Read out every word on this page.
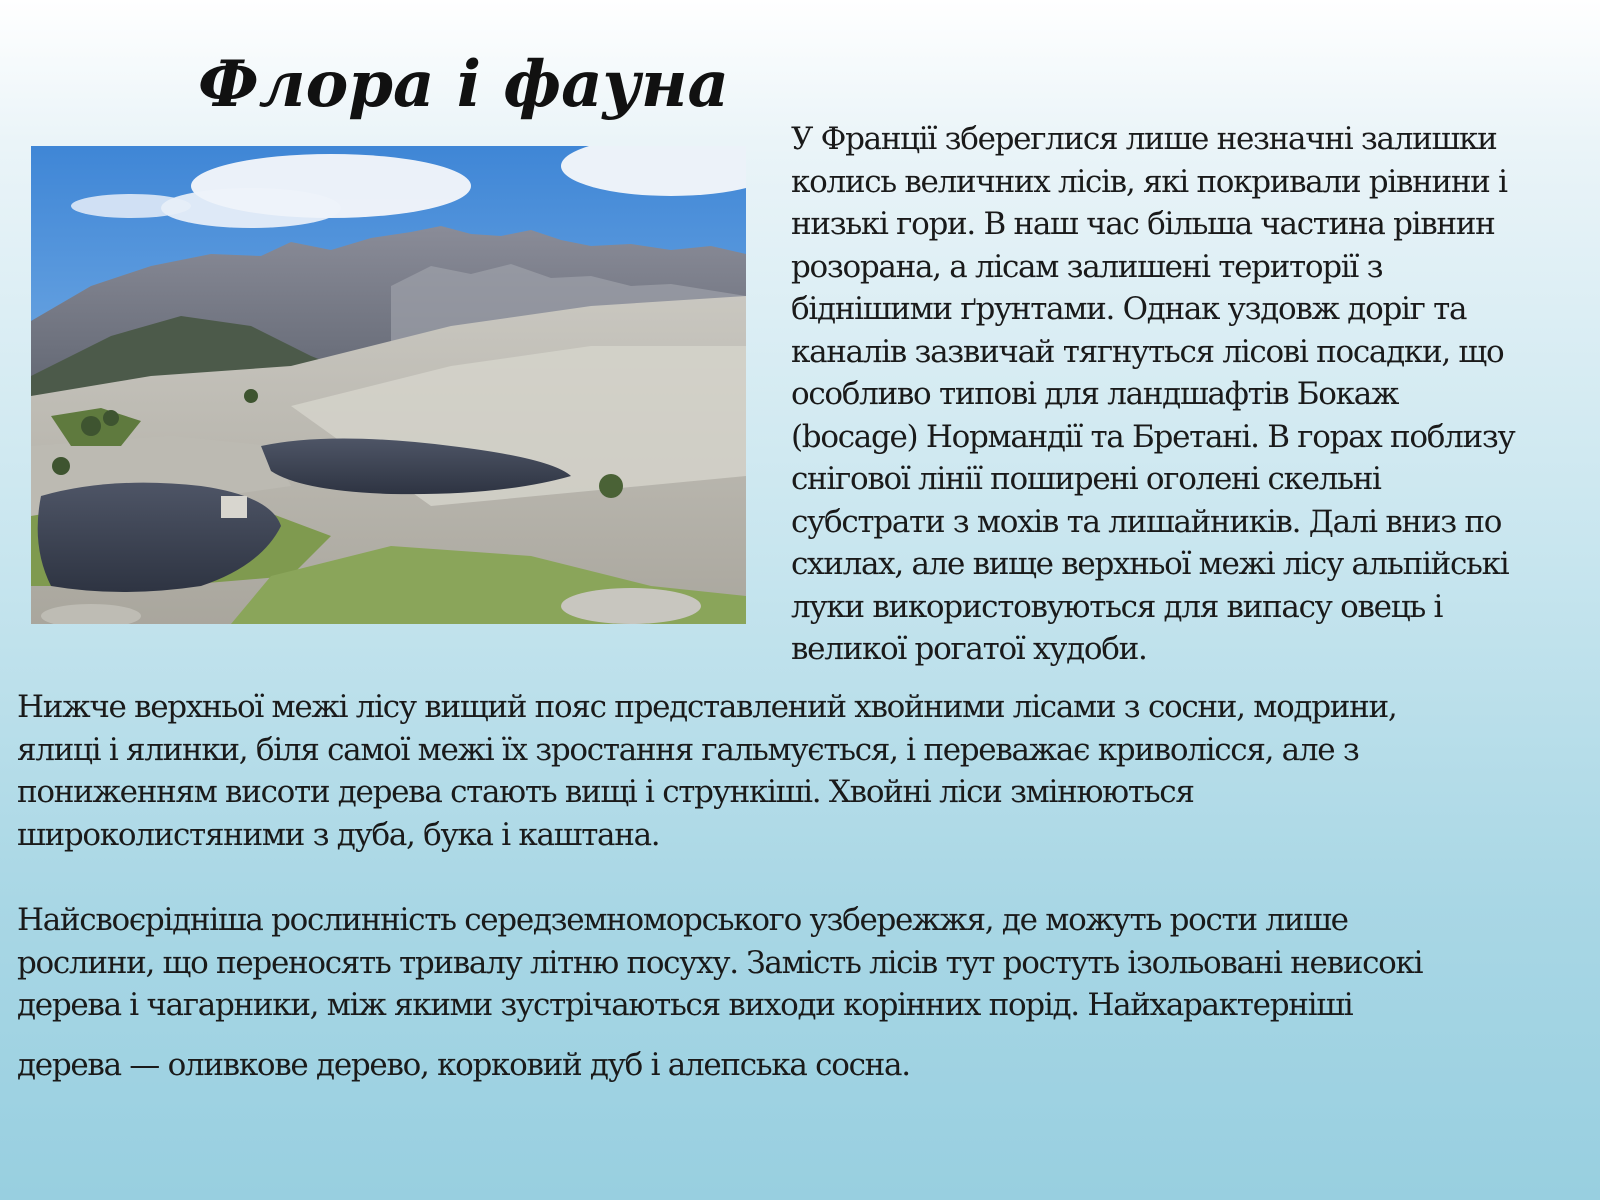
Флора і фауна

У Франції збереглися лише незначні залишки
колись величних лісів, які покривали рівнини і
низькі гори. В наш час більша частина рівнин
розорана, а лісам залишені території з
біднішими ґрунтами. Однак уздовж доріг та
каналів зазвичай тягнуться лісові посадки, що
особливо типові для ландшафтів Бокаж
(bocage) Нормандії та Бретані. В горах поблизу
снігової лінії поширені оголені скельні
субстрати з мохів та лишайників. Далі вниз по
схилах, але вище верхньої межі лісу альпійські
луки використовуються для випасу овець і
великої рогатої худоби.

Нижче верхньої межі лісу вищий пояс представлений хвойними лісами з сосни, модрини,
ялиці і ялинки, біля самої межі їх зростання гальмується, і переважає криволісся, але з
пониженням висоти дерева стають вищі і стрункіші. Хвойні ліси змінюються
широколистяними з дуба, бука і каштана.

Найсвоєрідніша рослинність середземноморського узбережжя, де можуть рости лише
рослини, що переносять тривалу літню посуху. Замість лісів тут ростуть ізольовані невисокі
дерева і чагарники, між якими зустрічаються виходи корінних порід. Найхарактерніші
дерева — оливкове дерево, корковий дуб і алепська сосна.
